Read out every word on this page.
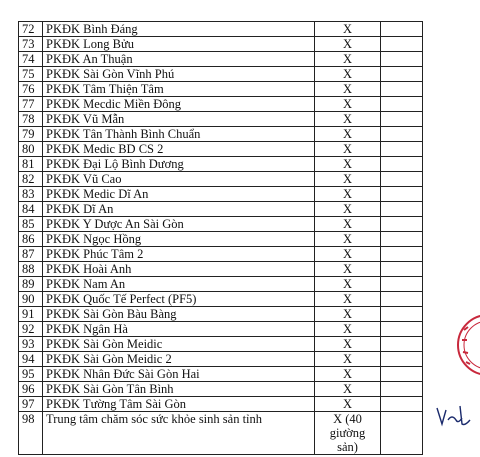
72	PKĐK Bình Đáng	X	
73	PKĐK Long Bửu	X	
74	PKĐK An Thuận	X	
75	PKĐK Sài Gòn Vĩnh Phú	X	
76	PKĐK Tâm Thiện Tâm	X	
77	PKĐK Mecdic Miền Đông	X	
78	PKĐK Vũ Mẫn	X	
79	PKĐK Tân Thành Bình Chuẩn	X	
80	PKĐK Medic BD CS 2	X	
81	PKĐK Đại Lộ Bình Dương	X	
82	PKĐK Vũ Cao	X	
83	PKĐK Medic Dĩ An	X	
84	PKĐK Dĩ An	X	
85	PKĐK Y Dược An Sài Gòn	X	
86	PKĐK Ngọc Hồng	X	
87	PKĐK Phúc Tâm 2	X	
88	PKĐK Hoài Anh	X	
89	PKĐK Nam An	X	
90	PKĐK Quốc Tế Perfect (PF5)	X	
91	PKĐK Sài Gòn Bàu Bàng	X	
92	PKĐK Ngân Hà	X	
93	PKĐK Sài Gòn Meidic	X	
94	PKĐK Sài Gòn Meidic 2	X	
95	PKĐK Nhân Đức Sài Gòn Hai	X	
96	PKĐK Sài Gòn Tân Bình	X	
97	PKĐK Tường Tâm Sài Gòn	X	
98	Trung tâm chăm sóc sức khỏe sinh sản tỉnh	X (40 giường sản)	
